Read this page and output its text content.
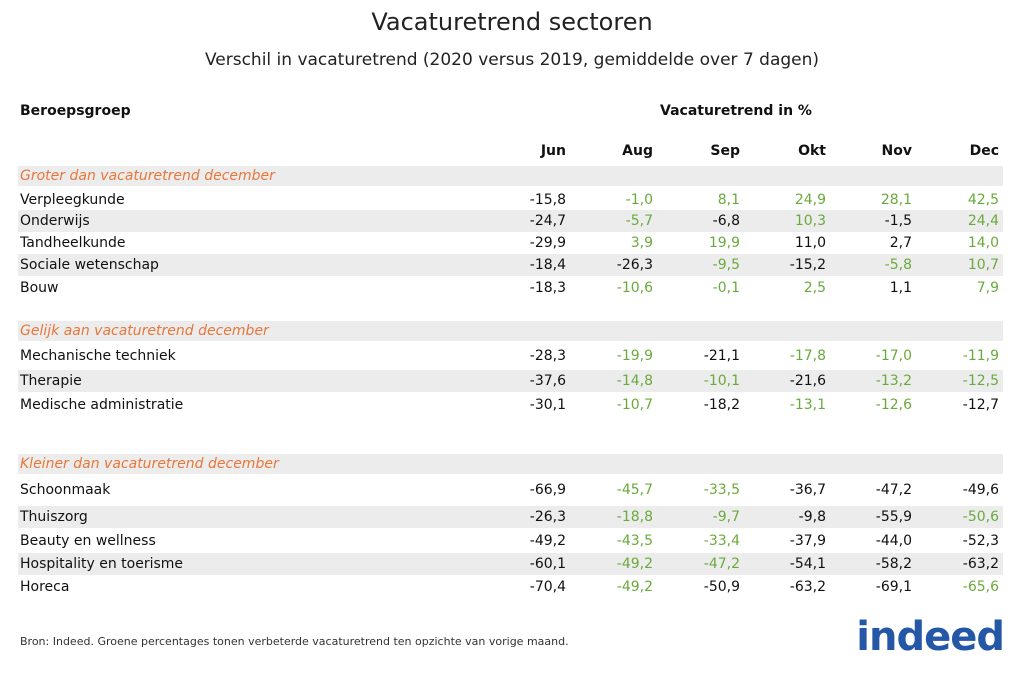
Vacaturetrend sectoren
Verschil in vacaturetrend (2020 versus 2019, gemiddelde over 7 dagen)
Beroepsgroep	Vacaturetrend in %
Jun	Aug	Sep	Okt	Nov	Dec
Groter dan vacaturetrend december
Verpleegkunde	-15,8	-1,0	8,1	24,9	28,1	42,5
Onderwijs	-24,7	-5,7	-6,8	10,3	-1,5	24,4
Tandheelkunde	-29,9	3,9	19,9	11,0	2,7	14,0
Sociale wetenschap	-18,4	-26,3	-9,5	-15,2	-5,8	10,7
Bouw	-18,3	-10,6	-0,1	2,5	1,1	7,9
Gelijk aan vacaturetrend december
Mechanische techniek	-28,3	-19,9	-21,1	-17,8	-17,0	-11,9
Therapie	-37,6	-14,8	-10,1	-21,6	-13,2	-12,5
Medische administratie	-30,1	-10,7	-18,2	-13,1	-12,6	-12,7
Kleiner dan vacaturetrend december
Schoonmaak	-66,9	-45,7	-33,5	-36,7	-47,2	-49,6
Thuiszorg	-26,3	-18,8	-9,7	-9,8	-55,9	-50,6
Beauty en wellness	-49,2	-43,5	-33,4	-37,9	-44,0	-52,3
Hospitality en toerisme	-60,1	-49,2	-47,2	-54,1	-58,2	-63,2
Horeca	-70,4	-49,2	-50,9	-63,2	-69,1	-65,6
Bron: Indeed. Groene percentages tonen verbeterde vacaturetrend ten opzichte van vorige maand.	indeed
